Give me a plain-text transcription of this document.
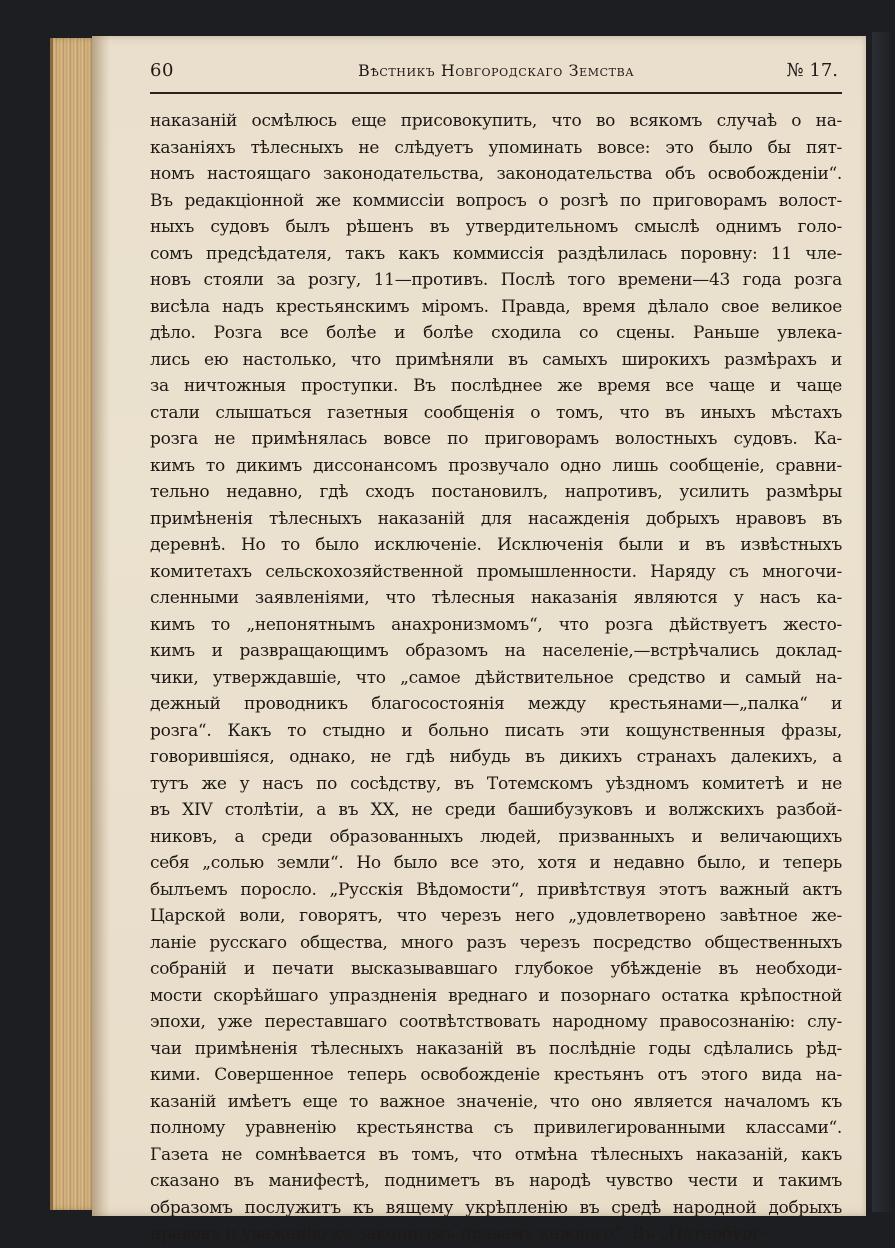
60	Вѣстникъ Новгородскаго Земства	№ 17.
наказаній осмѣлюсь еще присовокупить, что во всякомъ случаѣ о на-
казаніяхъ тѣлесныхъ не слѣдуетъ упоминать вовсе: это было бы пят-
номъ настоящаго законодательства, законодательства объ освобожденіи“.
Въ редакціонной же коммиссіи вопросъ о розгѣ по приговорамъ волост-
ныхъ судовъ былъ рѣшенъ въ утвердительномъ смыслѣ однимъ голо-
сомъ предсѣдателя, такъ какъ коммиссія раздѣлилась поровну: 11 чле-
новъ стояли за розгу, 11—противъ. Послѣ того времени—43 года розга
висѣла надъ крестьянскимъ міромъ. Правда, время дѣлало свое великое
дѣло. Розга все болѣе и болѣе сходила со сцены. Раньше увлека-
лись ею настолько, что примѣняли въ самыхъ широкихъ размѣрахъ и
за ничтожныя проступки. Въ послѣднее же время все чаще и чаще
стали слышаться газетныя сообщенія о томъ, что въ иныхъ мѣстахъ
розга не примѣнялась вовсе по приговорамъ волостныхъ судовъ. Ка-
кимъ то дикимъ диссонансомъ прозвучало одно лишь сообщеніе, сравни-
тельно недавно, гдѣ сходъ постановилъ, напротивъ, усилить размѣры
примѣненія тѣлесныхъ наказаній для насажденія добрыхъ нравовъ въ
деревнѣ. Но то было исключеніе. Исключенія были и въ извѣстныхъ
комитетахъ сельскохозяйственной промышленности. Наряду съ многочи-
сленными заявленіями, что тѣлесныя наказанія являются у насъ ка-
кимъ то „непонятнымъ анахронизмомъ“, что розга дѣйствуетъ жесто-
кимъ и развращающимъ образомъ на населеніе,—встрѣчались доклад-
чики, утверждавшіе, что „самое дѣйствительное средство и самый на-
дежный проводникъ благосостоянія между крестьянами—„палка“ и
розга“. Какъ то стыдно и больно писать эти кощунственныя фразы,
говорившіяся, однако, не гдѣ нибудь въ дикихъ странахъ далекихъ, а
тутъ же у насъ по сосѣдству, въ Тотемскомъ уѣздномъ комитетѣ и не
въ XIV столѣтіи, а въ XX, не среди башибузуковъ и волжскихъ разбой-
никовъ, а среди образованныхъ людей, призванныхъ и величающихъ
себя „солью земли“. Но было все это, хотя и недавно было, и теперь
былъемъ поросло. „Русскія Вѣдомости“, привѣтствуя этотъ важный актъ
Царской воли, говорятъ, что черезъ него „удовлетворено завѣтное же-
ланіе русскаго общества, много разъ черезъ посредство общественныхъ
собраній и печати высказывавшаго глубокое убѣжденіе въ необходи-
мости скорѣйшаго упраздненія вреднаго и позорнаго остатка крѣпостной
эпохи, уже переставшаго соотвѣтствовать народному правосознанію: слу-
чаи примѣненія тѣлесныхъ наказаній въ послѣдніе годы сдѣлались рѣд-
кими. Совершенное теперь освобожденіе крестьянъ отъ этого вида на-
казаній имѣетъ еще то важное значеніе, что оно является началомъ къ
полному уравненію крестьянства съ привилегированными классами“.
Газета не сомнѣвается въ томъ, что отмѣна тѣлесныхъ наказаній, какъ
сказано въ манифестѣ, подниметъ въ народѣ чувство чести и такимъ
образомъ послужитъ къ вящему укрѣпленію въ средѣ народной добрыхъ
нравовъ и уваженію къ законнымъ правамъ каждаго“. Въ „Петербург-
